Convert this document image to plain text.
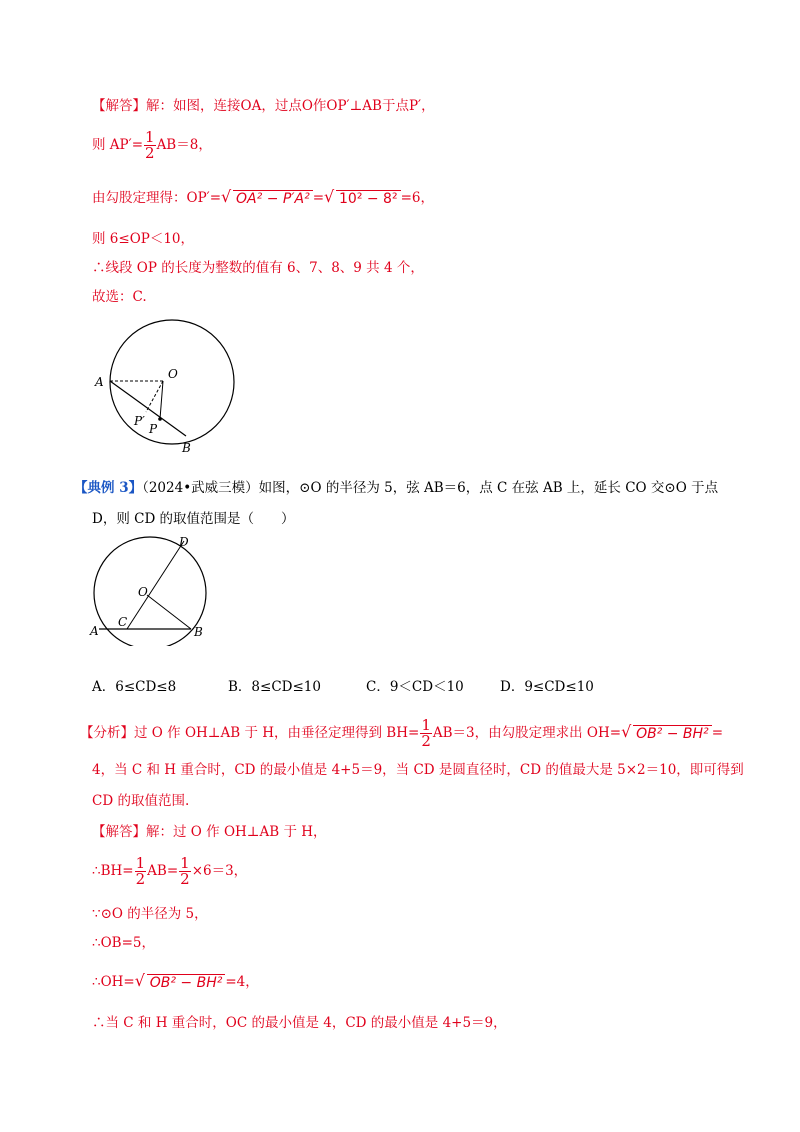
【解答】解：如图，连接OA，过点O作OP′⊥AB于点P′，
则 $AP'= \frac{1}{2} AB=8$，
由勾股定理得：OP′= √ OA² − P′A² = √ 10² − 8² =6，
则 6≤OP＜10，
∴线段 OP 的长度为整数的值有 6、7、8、9 共 4 个，
故选：C.
A
O
P′
P
B
【典例 3】（2024•武威三模）如图，⊙O 的半径为 5，弦 AB＝6，点 C 在弦 AB 上，延长 CO 交⊙O 于点
D，则 CD 的取值范围是（　　）
D
O
A
C
B
A．6≤CD≤8	B．8≤CD≤10	C．9＜CD＜10	D．9≤CD≤10
【分析】过 O 作 OH⊥AB 于 H，由垂径定理得到 $BH= \frac{1}{2} AB=3$，由勾股定理求出 OH= √ OB² − BH² =
4，当 C 和 H 重合时，CD 的最小值是 4+5＝9，当 CD 是圆直径时，CD 的值最大是 5×2＝10，即可得到
CD 的取值范围.
【解答】解：过 O 作 OH⊥AB 于 H，
∴BH= $\frac{1}{2} AB= \frac{1}{2} \times 6=3$，
∵⊙O 的半径为 5，
∴OB=5，
∴OH= √ OB² − BH² =4，
∴当 C 和 H 重合时，OC 的最小值是 4，CD 的最小值是 4+5＝9，
